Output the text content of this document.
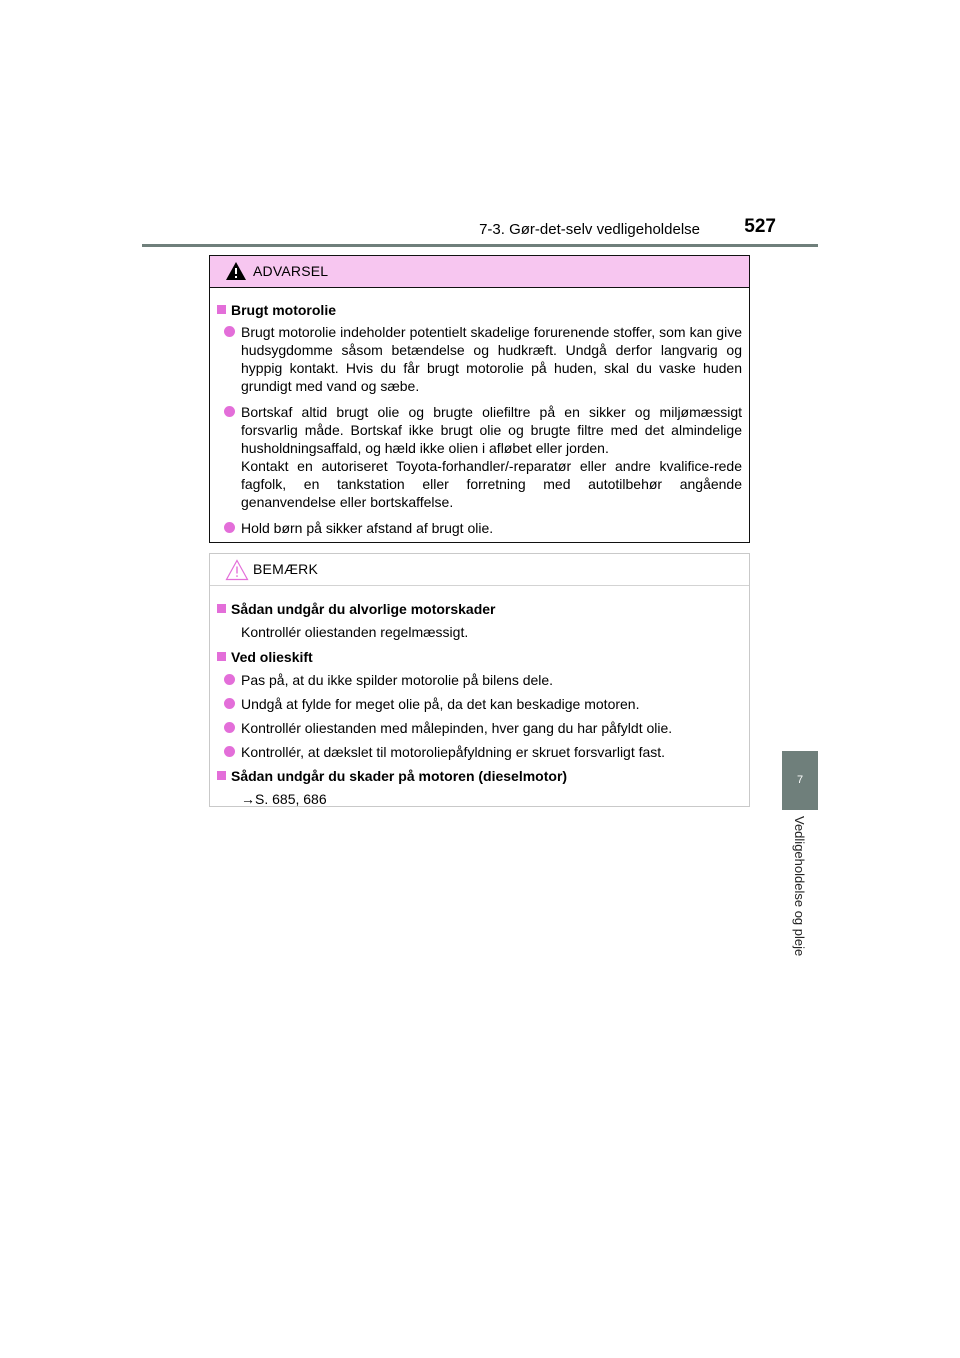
7-3. Gør-det-selv vedligeholdelse	527
7
Vedligeholdelse og pleje
ADVARSEL
Brugt motorolie

Brugt motorolie indeholder potentielt skadelige forurenende stoffer, som kan give hudsygdomme såsom betændelse og hudkræft. Undgå derfor langvarig og hyppig kontakt. Hvis du får brugt motorolie på huden, skal du vaske huden grundigt med vand og sæbe.

Bortskaf altid brugt olie og brugte oliefiltre på en sikker og miljømæssigt forsvarlig måde. Bortskaf ikke brugt olie og brugte filtre med det almindelige husholdningsaffald, og hæld ikke olien i afløbet eller jorden.
Kontakt en autoriseret Toyota-forhandler/-reparatør eller andre kvalifice-rede fagfolk, en tankstation eller forretning med autotilbehør angående genanvendelse eller bortskaffelse.

Hold børn på sikker afstand af brugt olie.

BEMÆRK
Sådan undgår du alvorlige motorskader
Kontrollér oliestanden regelmæssigt.
Ved olieskift

Pas på, at du ikke spilder motorolie på bilens dele.

Undgå at fylde for meget olie på, da det kan beskadige motoren.

Kontrollér oliestanden med målepinden, hver gang du har påfyldt olie.

Kontrollér, at dækslet til motoroliepåfyldning er skruet forsvarligt fast.

Sådan undgår du skader på motoren (dieselmotor)
→S. 685, 686
